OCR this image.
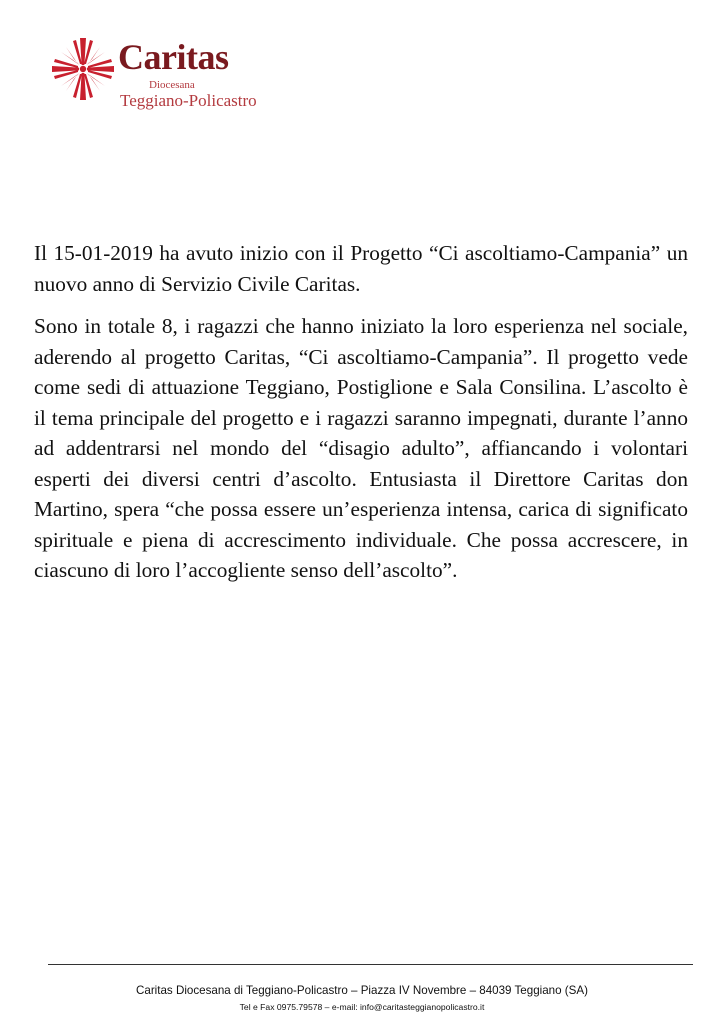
Caritas
Diocesana
Teggiano-Policastro

Il 15-01-2019 ha avuto inizio con il Progetto “Ci ascoltiamo-Campania” un nuovo anno di Servizio Civile Caritas.

Sono in totale 8, i ragazzi che hanno iniziato la loro esperienza nel sociale, aderendo al progetto Caritas, “Ci ascoltiamo-Campania”. Il progetto vede come sedi di attuazione Teggiano, Postiglione e Sala Consilina. L’ascolto è il tema principale del progetto e i ragazzi saranno impegnati, durante l’anno ad addentrarsi nel mondo del “disagio adulto”, affiancando i volontari esperti dei diversi centri d’ascolto. Entusiasta il Direttore Caritas don Martino, spera “che possa essere un’esperienza intensa, carica di significato spirituale e piena di accrescimento individuale. Che possa accrescere, in ciascuno di loro l’accogliente senso dell’ascolto”.

Caritas Diocesana di Teggiano-Policastro – Piazza IV Novembre – 84039 Teggiano (SA)
Tel e Fax 0975.79578 – e-mail: info@caritasteggianopolicastro.it
